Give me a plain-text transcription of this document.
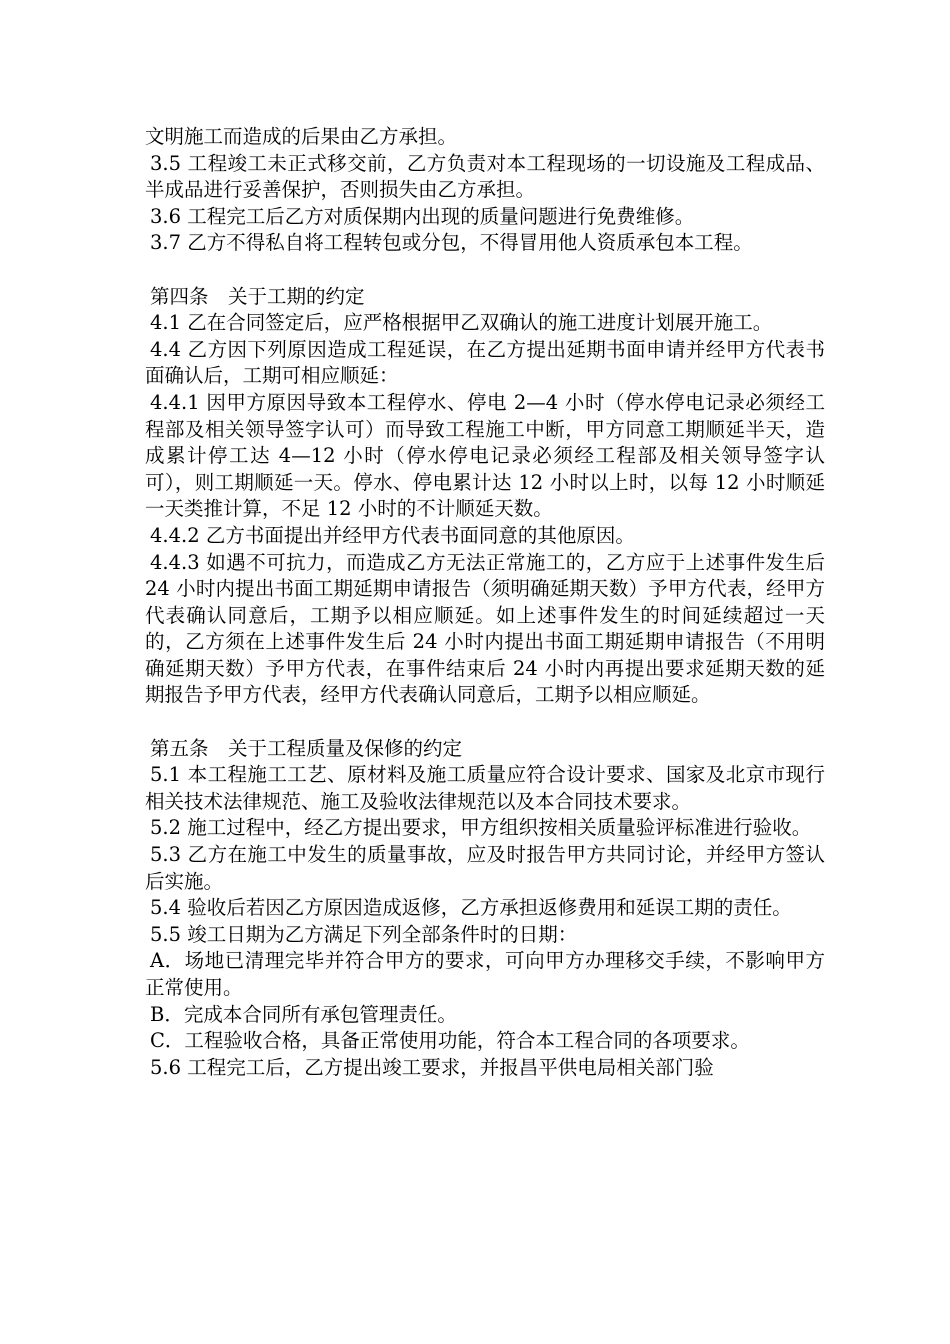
文明施工而造成的后果由乙方承担。

3.5 工程竣工未正式移交前，乙方负责对本工程现场的一切设施及工程成品、半成品进行妥善保护，否则损失由乙方承担。

3.6 工程完工后乙方对质保期内出现的质量问题进行免费维修。

3.7 乙方不得私自将工程转包或分包，不得冒用他人资质承包本工程。

第四条　关于工期的约定

4.1 乙在合同签定后，应严格根据甲乙双确认的施工进度计划展开施工。

4.4 乙方因下列原因造成工程延误，在乙方提出延期书面申请并经甲方代表书面确认后，工期可相应顺延：

4.4.1 因甲方原因导致本工程停水、停电 2—4 小时（停水停电记录必须经工程部及相关领导签字认可）而导致工程施工中断，甲方同意工期顺延半天，造成累计停工达 4—12 小时（停水停电记录必须经工程部及相关领导签字认可），则工期顺延一天。停水、停电累计达 12 小时以上时，以每 12 小时顺延一天类推计算，不足 12 小时的不计顺延天数。

4.4.2 乙方书面提出并经甲方代表书面同意的其他原因。

4.4.3 如遇不可抗力，而造成乙方无法正常施工的，乙方应于上述事件发生后 24 小时内提出书面工期延期申请报告（须明确延期天数）予甲方代表，经甲方代表确认同意后，工期予以相应顺延。如上述事件发生的时间延续超过一天的，乙方须在上述事件发生后 24 小时内提出书面工期延期申请报告（不用明确延期天数）予甲方代表，在事件结束后 24 小时内再提出要求延期天数的延期报告予甲方代表，经甲方代表确认同意后，工期予以相应顺延。

第五条　关于工程质量及保修的约定

5.1 本工程施工工艺、原材料及施工质量应符合设计要求、国家及北京市现行相关技术法律规范、施工及验收法律规范以及本合同技术要求。

5.2 施工过程中，经乙方提出要求，甲方组织按相关质量验评标准进行验收。

5.3 乙方在施工中发生的质量事故，应及时报告甲方共同讨论，并经甲方签认后实施。

5.4 验收后若因乙方原因造成返修，乙方承担返修费用和延误工期的责任。

5.5 竣工日期为乙方满足下列全部条件时的日期：

A．场地已清理完毕并符合甲方的要求，可向甲方办理移交手续，不影响甲方正常使用。

B．完成本合同所有承包管理责任。

C．工程验收合格，具备正常使用功能，符合本工程合同的各项要求。

5.6 工程完工后，乙方提出竣工要求，并报昌平供电局相关部门验
